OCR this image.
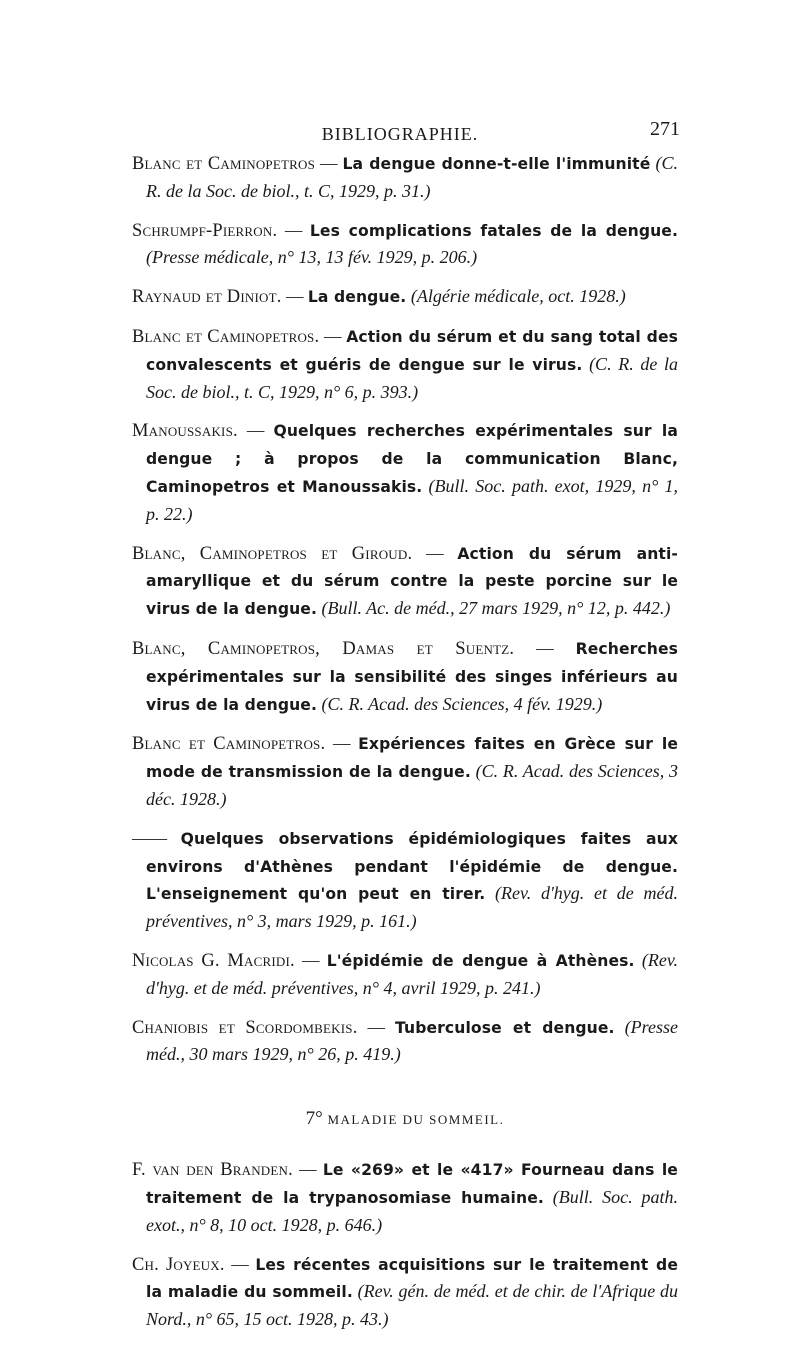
BIBLIOGRAPHIE.	271

Blanc et Caminopetros — La dengue donne-t-elle l'immunité (C. R. de la Soc. de biol., t. C, 1929, p. 31.)

Schrumpf-Pierron. — Les complications fatales de la dengue. (Presse médicale, n° 13, 13 fév. 1929, p. 206.)

Raynaud et Diniot. — La dengue. (Algérie médicale, oct. 1928.)

Blanc et Caminopetros. — Action du sérum et du sang total des convalescents et guéris de dengue sur le virus. (C. R. de la Soc. de biol., t. C, 1929, n° 6, p. 393.)

Manoussakis. — Quelques recherches expérimentales sur la dengue ; à propos de la communication Blanc, Caminopetros et Manoussakis. (Bull. Soc. path. exot, 1929, n° 1, p. 22.)

Blanc, Caminopetros et Giroud. — Action du sérum anti-amaryllique et du sérum contre la peste porcine sur le virus de la dengue. (Bull. Ac. de méd., 27 mars 1929, n° 12, p. 442.)

Blanc, Caminopetros, Damas et Suentz. — Recherches expérimentales sur la sensibilité des singes inférieurs au virus de la dengue. (C. R. Acad. des Sciences, 4 fév. 1929.)

Blanc et Caminopetros. — Expériences faites en Grèce sur le mode de transmission de la dengue. (C. R. Acad. des Sciences, 3 déc. 1928.)

—— Quelques observations épidémiologiques faites aux environs d'Athènes pendant l'épidémie de dengue. L'enseignement qu'on peut en tirer. (Rev. d'hyg. et de méd. préventives, n° 3, mars 1929, p. 161.)

Nicolas G. Macridi. — L'épidémie de dengue à Athènes. (Rev. d'hyg. et de méd. préventives, n° 4, avril 1929, p. 241.)

Chaniobis et Scordombekis. — Tuberculose et dengue. (Presse méd., 30 mars 1929, n° 26, p. 419.)

7° MALADIE DU SOMMEIL.

F. van den Branden. — Le «269» et le «417» Fourneau dans le traitement de la trypanosomiase humaine. (Bull. Soc. path. exot., n° 8, 10 oct. 1928, p. 646.)

Ch. Joyeux. — Les récentes acquisitions sur le traitement de la maladie du sommeil. (Rev. gén. de méd. et de chir. de l'Afrique du Nord., n° 65, 15 oct. 1928, p. 43.)
